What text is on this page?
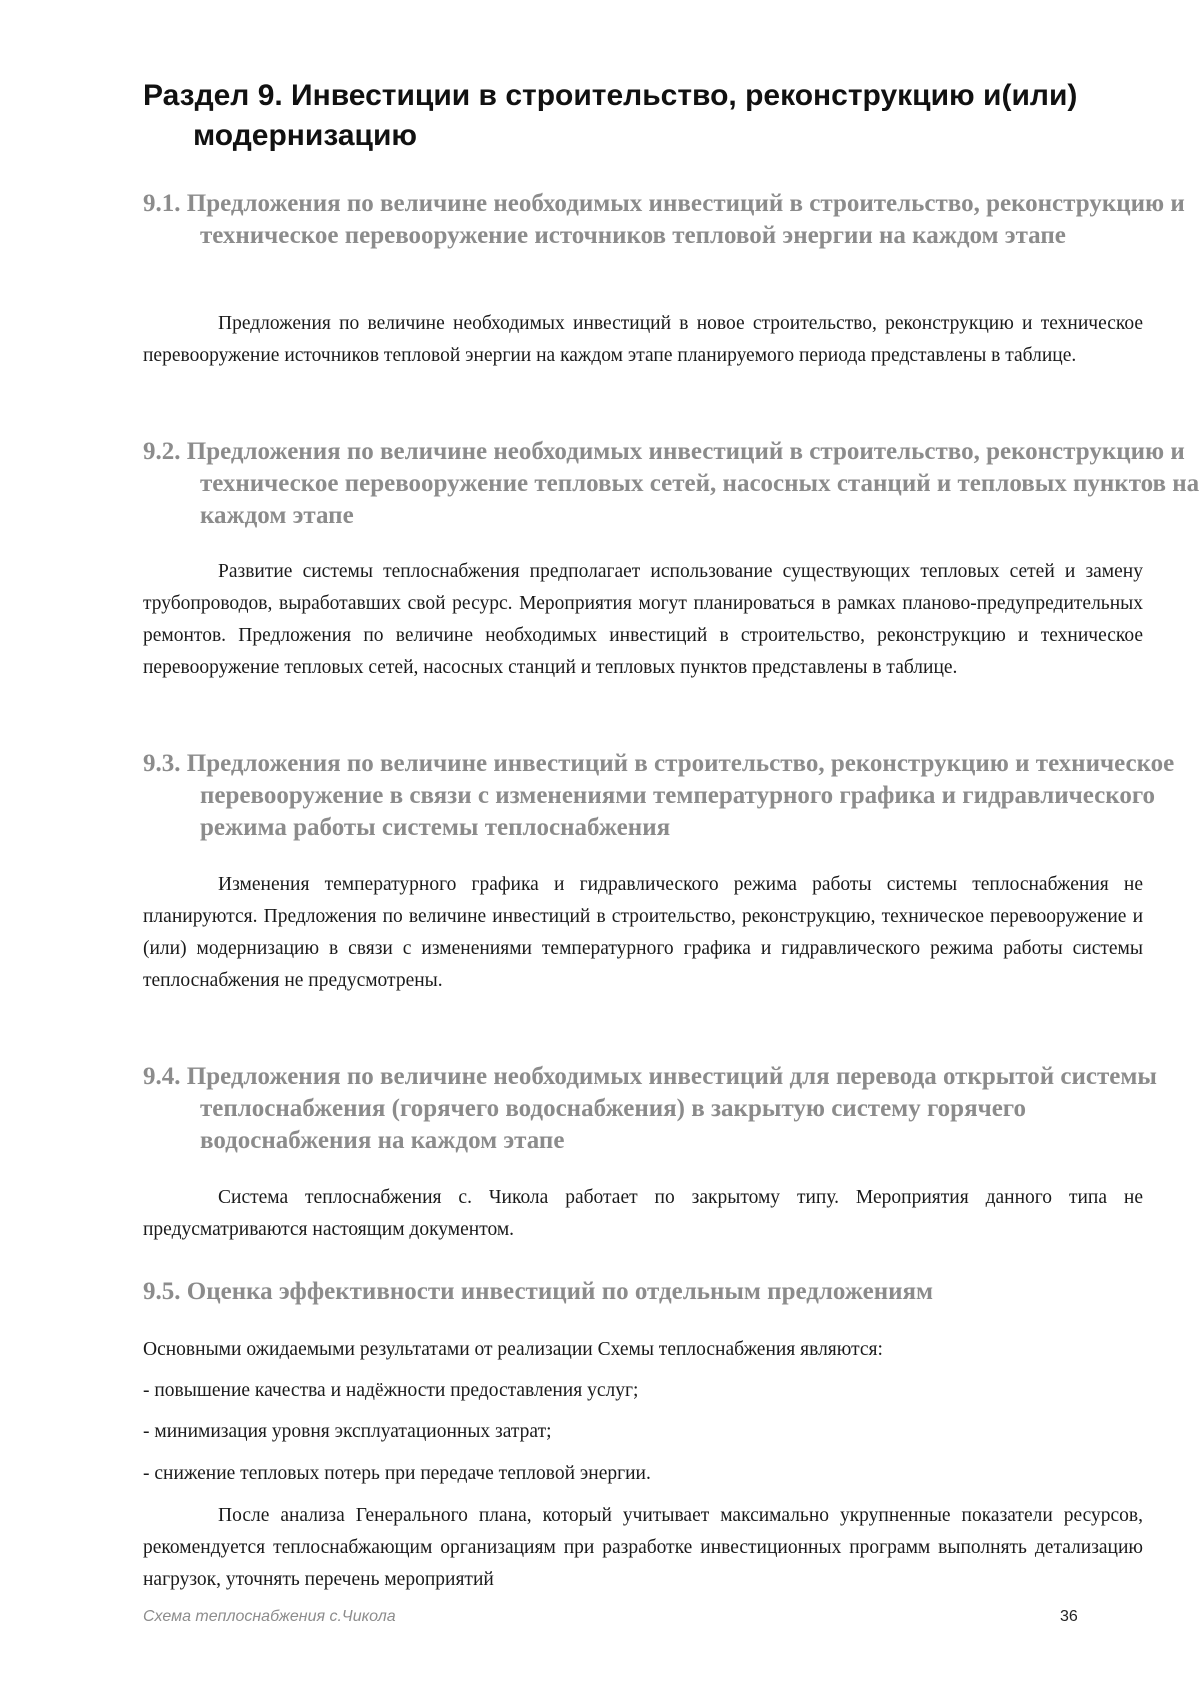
Раздел 9. Инвестиции в строительство, реконструкцию и(или) модернизацию
9.1. Предложения по величине необходимых инвестиций в строительство, реконструкцию и техническое перевооружение источников тепловой энергии на каждом этапе

Предложения по величине необходимых инвестиций в новое строительство, реконструкцию и техническое перевооружение источников тепловой энергии на каждом этапе планируемого периода представлены в таблице.

9.2. Предложения по величине необходимых инвестиций в строительство, реконструкцию и техническое перевооружение тепловых сетей, насосных станций и тепловых пунктов на каждом этапе

Развитие системы теплоснабжения предполагает использование существующих тепловых сетей и замену трубопроводов, выработавших свой ресурс. Мероприятия могут планироваться в рамках планово-предупредительных ремонтов. Предложения по величине необходимых инвестиций в строительство, реконструкцию и техническое перевооружение тепловых сетей, насосных станций и тепловых пунктов представлены в таблице.

9.3. Предложения по величине инвестиций в строительство, реконструкцию и техническое перевооружение в связи с изменениями температурного графика и гидравлического режима работы системы теплоснабжения

Изменения температурного графика и гидравлического режима работы системы теплоснабжения не планируются. Предложения по величине инвестиций в строительство, реконструкцию, техническое перевооружение и (или) модернизацию в связи с изменениями температурного графика и гидравлического режима работы системы теплоснабжения не предусмотрены.

9.4. Предложения по величине необходимых инвестиций для перевода открытой системы теплоснабжения (горячего водоснабжения) в закрытую систему горячего водоснабжения на каждом этапе

Система теплоснабжения с. Чикола работает по закрытому типу. Мероприятия данного типа не предусматриваются настоящим документом.

9.5. Оценка эффективности инвестиций по отдельным предложениям

Основными ожидаемыми результатами от реализации Схемы теплоснабжения являются:

- повышение качества и надёжности предоставления услуг;

- минимизация уровня эксплуатационных затрат;

- снижение тепловых потерь при передаче тепловой энергии.

После анализа Генерального плана, который учитывает максимально укрупненные показатели ресурсов, рекомендуется теплоснабжающим организациям при разработке инвестиционных программ выполнять детализацию нагрузок, уточнять перечень мероприятий

Схема теплоснабжения с.Чикола	36
